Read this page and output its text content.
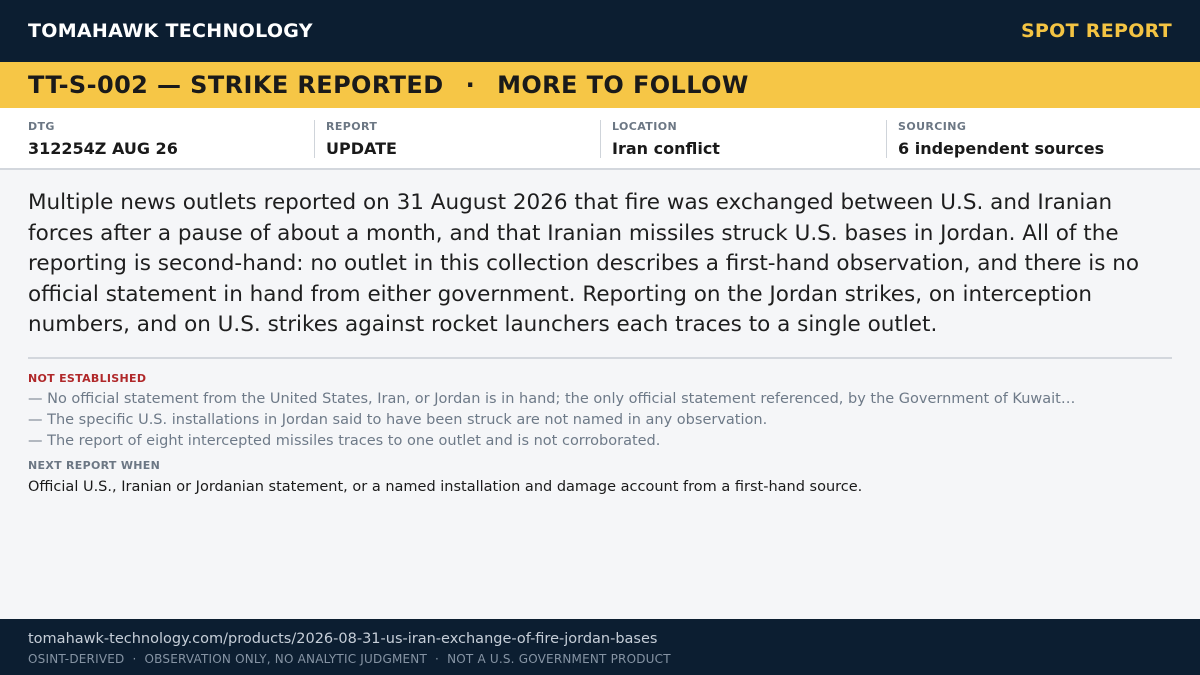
TOMAHAWK TECHNOLOGY	SPOT REPORT
TT-S-002 — STRIKE REPORTED · MORE TO FOLLOW
DTG
312254Z AUG 26
REPORT
UPDATE
LOCATION
Iran conflict
SOURCING
6 independent sources

Multiple news outlets reported on 31 August 2026 that fire was exchanged between U.S. and Iranian forces after a pause of about a month, and that Iranian missiles struck U.S. bases in Jordan. All of the reporting is second-hand: no outlet in this collection describes a first-hand observation, and there is no official statement in hand from either government. Reporting on the Jordan strikes, on interception numbers, and on U.S. strikes against rocket launchers each traces to a single outlet.

NOT ESTABLISHED
— No official statement from the United States, Iran, or Jordan is in hand; the only official statement referenced, by the Government of Kuwait…
— The specific U.S. installations in Jordan said to have been struck are not named in any observation.
— The report of eight intercepted missiles traces to one outlet and is not corroborated.
NEXT REPORT WHEN
Official U.S., Iranian or Jordanian statement, or a named installation and damage account from a first-hand source.
tomahawk-technology.com/products/2026-08-31-us-iran-exchange-of-fire-jordan-bases
OSINT-DERIVED  ·  OBSERVATION ONLY, NO ANALYTIC JUDGMENT  ·  NOT A U.S. GOVERNMENT PRODUCT
